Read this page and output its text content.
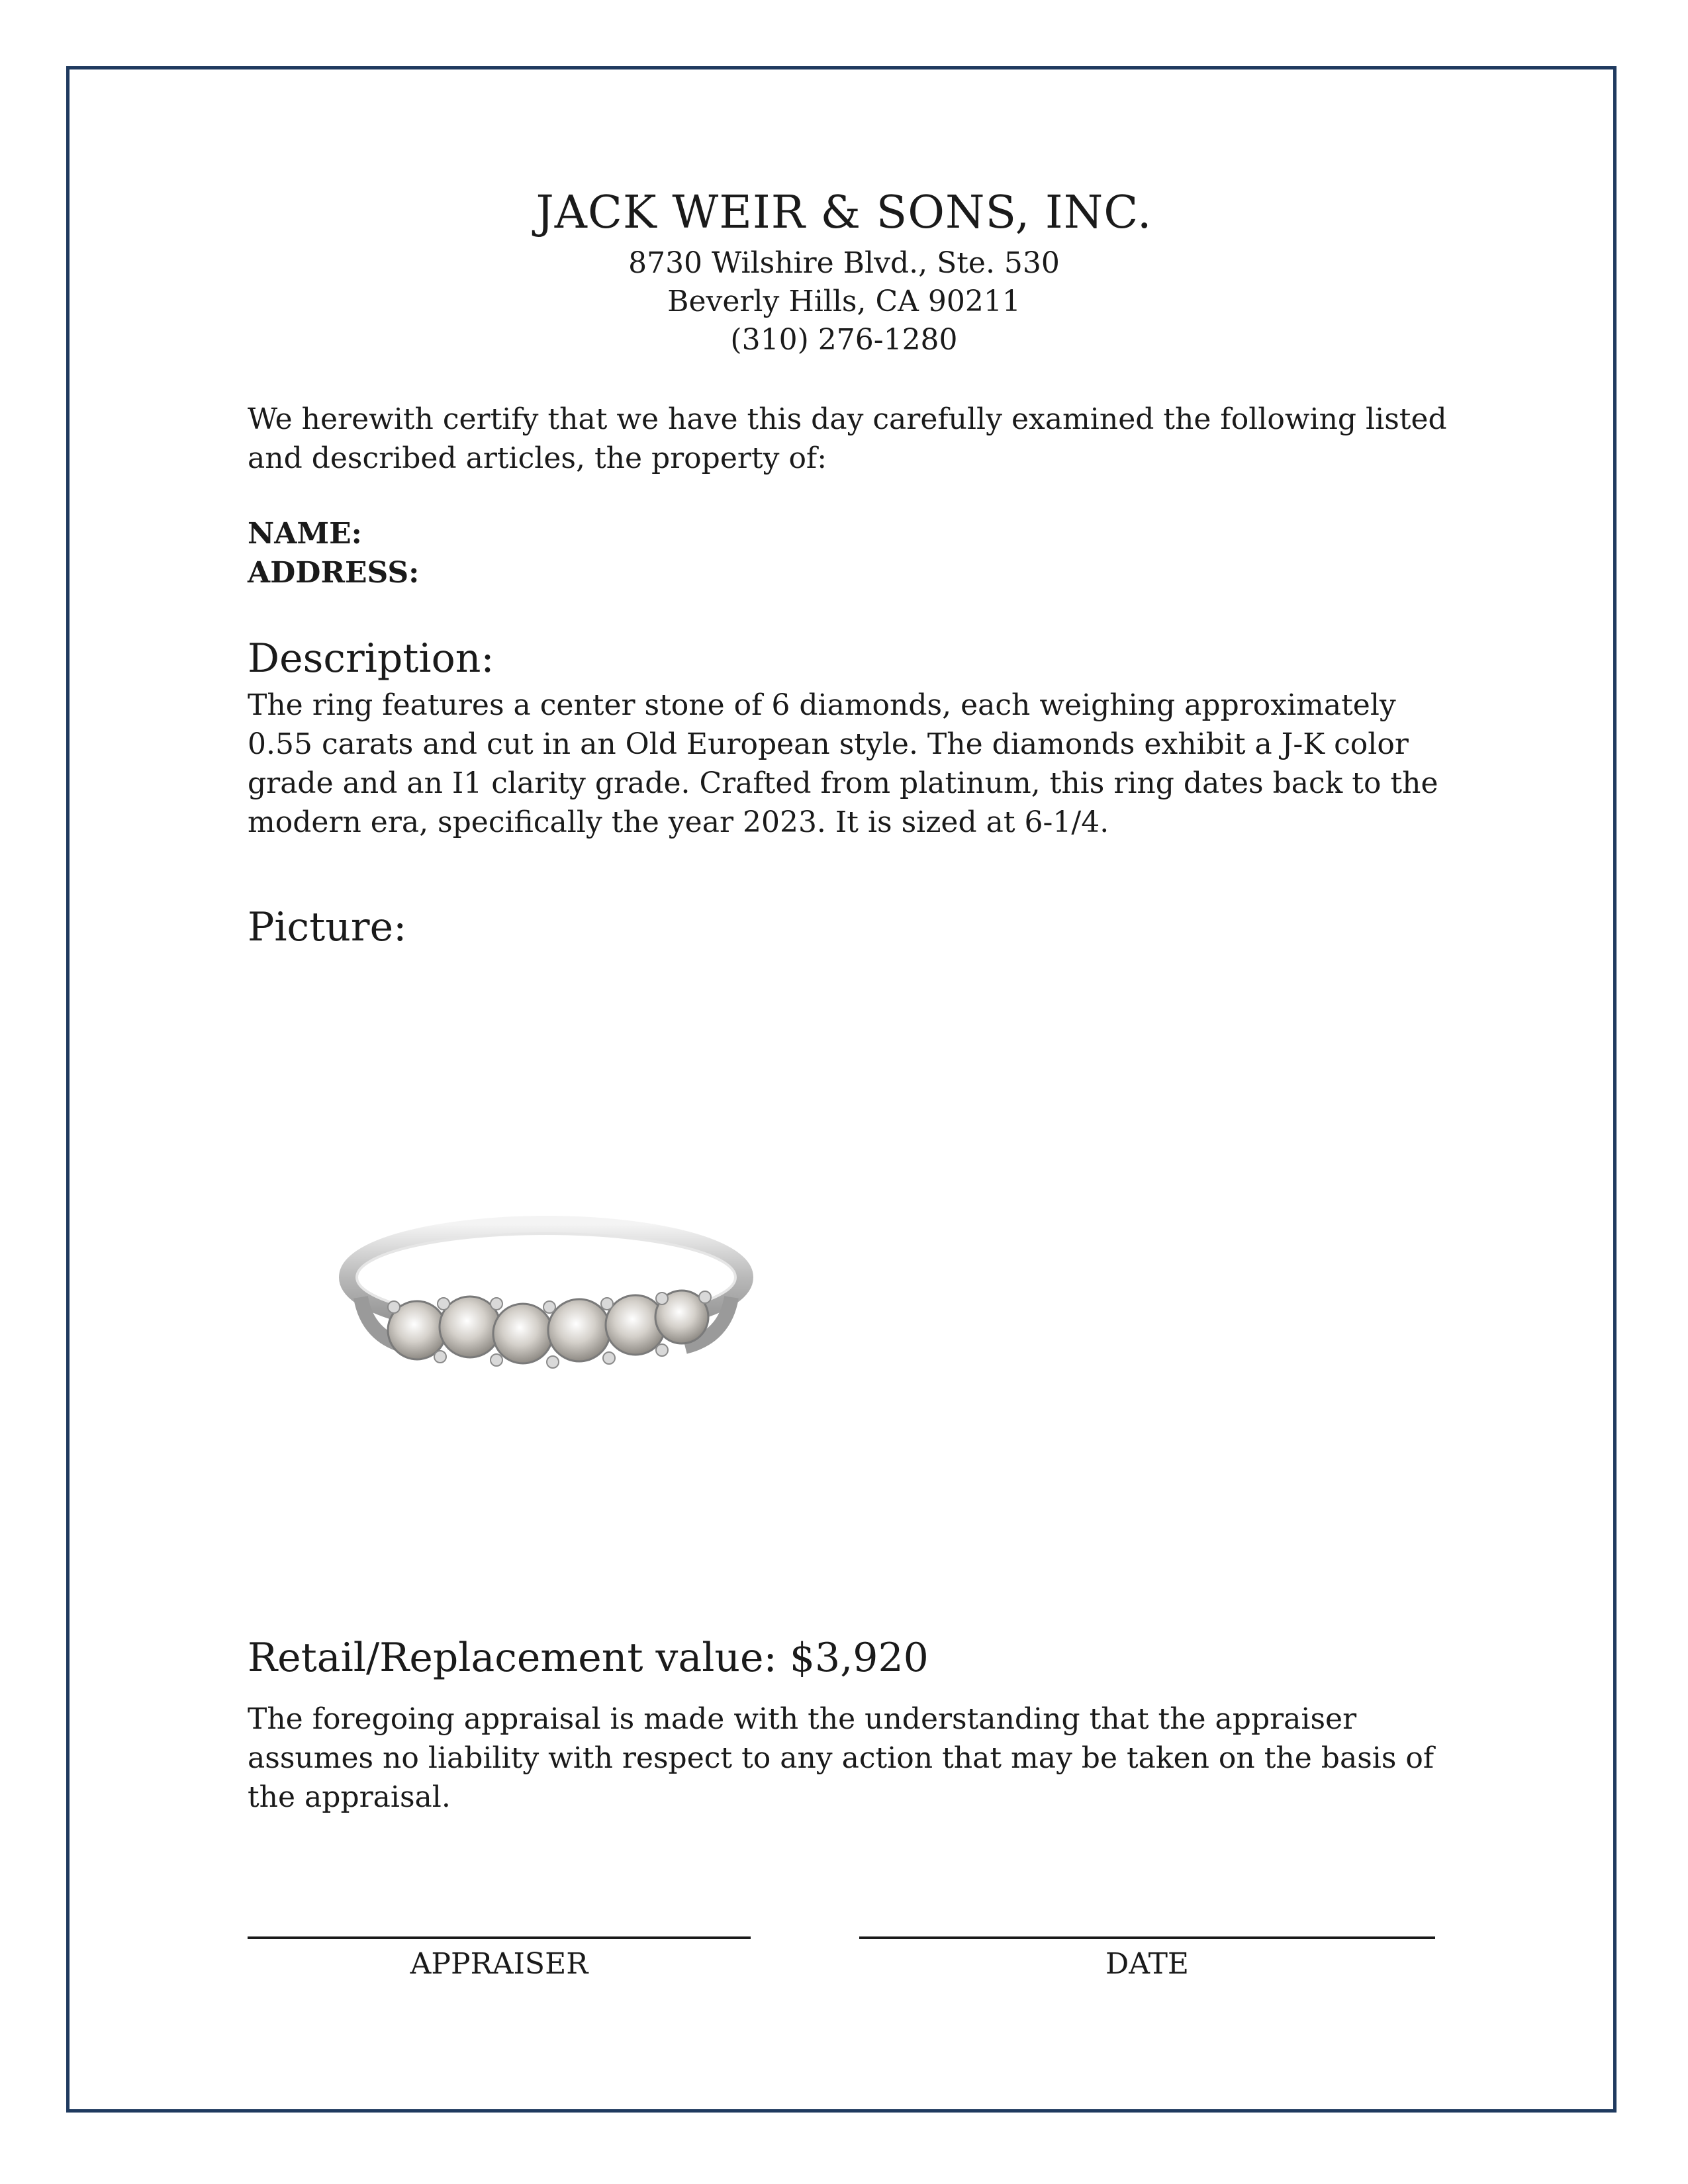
JACK WEIR & SONS, INC.
8730 Wilshire Blvd., Ste. 530
Beverly Hills, CA 90211
(310) 276-1280
We herewith certify that we have this day carefully examined the following listed and described articles, the property of:
NAME:
ADDRESS:
Description:
The ring features a center stone of 6 diamonds, each weighing approximately 0.55 carats and cut in an Old European style. The diamonds exhibit a J-K color grade and an I1 clarity grade. Crafted from platinum, this ring dates back to the modern era, specifically the year 2023. It is sized at 6-1/4.
Picture:
Retail/Replacement value: $3,920
The foregoing appraisal is made with the understanding that the appraiser assumes no liability with respect to any action that may be taken on the basis of the appraisal.
APPRAISER	DATE
